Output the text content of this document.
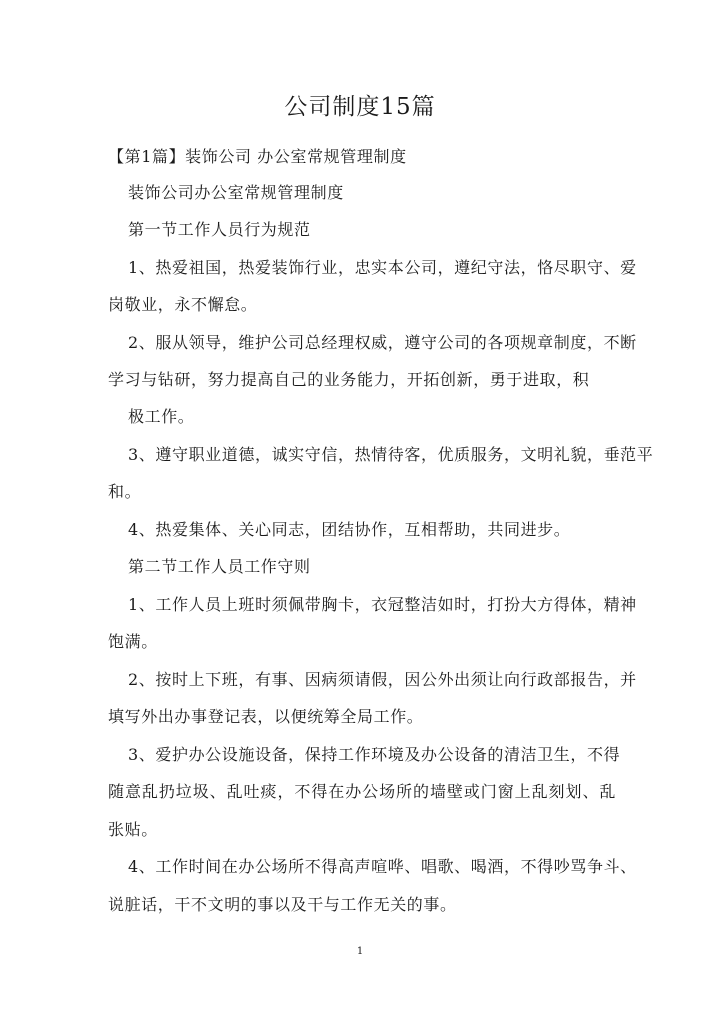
公司制度15篇
【第1篇】装饰公司 办公室常规管理制度
装饰公司办公室常规管理制度
第一节工作人员行为规范
1、热爱祖国，热爱装饰行业，忠实本公司，遵纪守法，恪尽职守、爱
岗敬业，永不懈怠。
2、服从领导，维护公司总经理权威，遵守公司的各项规章制度，不断
学习与钻研，努力提高自己的业务能力，开拓创新，勇于进取，积
极工作。
3、遵守职业道德，诚实守信，热情待客，优质服务，文明礼貌，垂范平
和。
4、热爱集体、关心同志，团结协作，互相帮助，共同进步。
第二节工作人员工作守则
1、工作人员上班时须佩带胸卡，衣冠整洁如时，打扮大方得体，精神
饱满。
2、按时上下班，有事、因病须请假，因公外出须让向行政部报告，并
填写外出办事登记表，以便统筹全局工作。
3、爱护办公设施设备，保持工作环境及办公设备的清洁卫生，不得
随意乱扔垃圾、乱吐痰，不得在办公场所的墙壁或门窗上乱刻划、乱
张贴。
4、工作时间在办公场所不得高声喧哗、唱歌、喝酒，不得吵骂争斗、
说脏话，干不文明的事以及干与工作无关的事。
1
